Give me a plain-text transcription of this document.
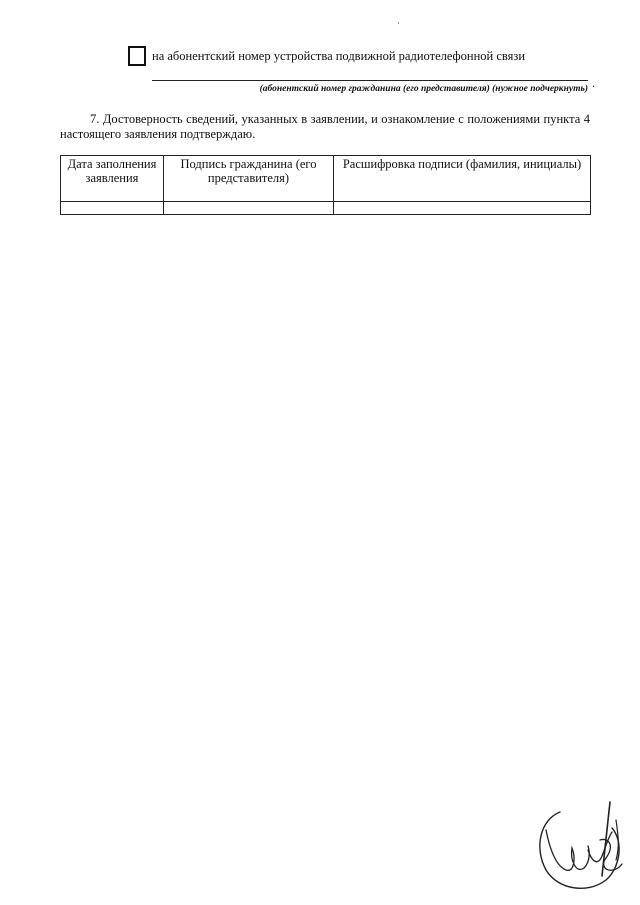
на абонентский номер устройства подвижной радиотелефонной связи
.
(абонентский номер гражданина (его представителя) (нужное подчеркнуть)

7. Достоверность сведений, указанных в заявлении, и ознакомление с положениями пункта 4 настоящего заявления подтверждаю.

Дата заполнения заявления	Подпись гражданина (его представителя)	Расшифровка подписи (фамилия, инициалы)
